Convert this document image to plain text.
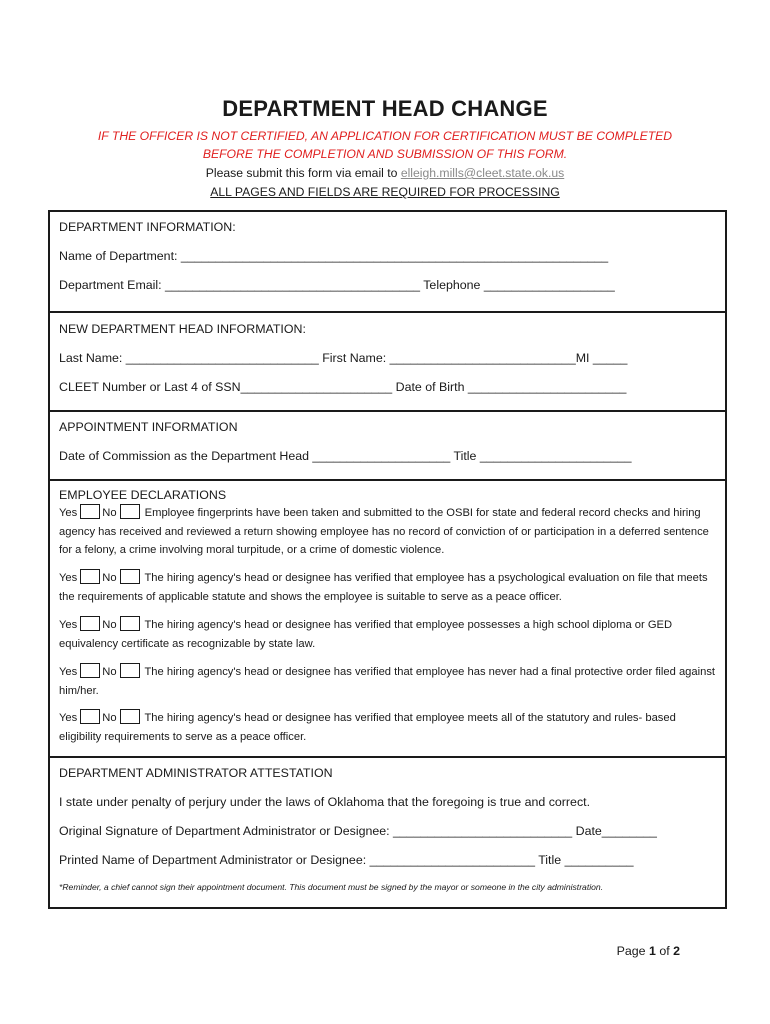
DEPARTMENT HEAD CHANGE
IF THE OFFICER IS NOT CERTIFIED, AN APPLICATION FOR CERTIFICATION MUST BE COMPLETED
BEFORE THE COMPLETION AND SUBMISSION OF THIS FORM.
Please submit this form via email to elleigh.mills@cleet.state.ok.us
ALL PAGES AND FIELDS ARE REQUIRED FOR PROCESSING
DEPARTMENT INFORMATION:
Name of Department: ______________________________________________________________
Department Email: _____________________________________ Telephone ___________________
NEW DEPARTMENT HEAD INFORMATION:
Last Name: ____________________________ First Name: ___________________________MI _____
CLEET Number or Last 4 of SSN______________________ Date of Birth _______________________
APPOINTMENT INFORMATION
Date of Commission as the Department Head ____________________ Title ______________________
EMPLOYEE DECLARATIONS
Yes No	Employee fingerprints have been taken and submitted to the OSBI for state and federal record checks and hiring agency has received and reviewed a return showing employee has no record of conviction of or participation in a deferred sentence for a felony, a crime involving moral turpitude, or a crime of domestic violence.
Yes No The hiring agency's head or designee has verified that employee has a psychological evaluation on file that meets the requirements of applicable statute and shows the employee is suitable to serve as a peace officer.
Yes No The hiring agency's head or designee has verified that employee possesses a high school diploma or GED equivalency certificate as recognizable by state law.
Yes No The hiring agency's head or designee has verified that employee has never had a final protective order filed against him/her.
Yes No The hiring agency's head or designee has verified that employee meets all of the statutory and rules- based eligibility requirements to serve as a peace officer.
DEPARTMENT ADMINISTRATOR ATTESTATION
I state under penalty of perjury under the laws of Oklahoma that the foregoing is true and correct.
Original Signature of Department Administrator or Designee: __________________________ Date________
Printed Name of Department Administrator or Designee: ________________________ Title __________
*Reminder, a chief cannot sign their appointment document. This document must be signed by the mayor or someone in the city administration.
Page 1 of 2
